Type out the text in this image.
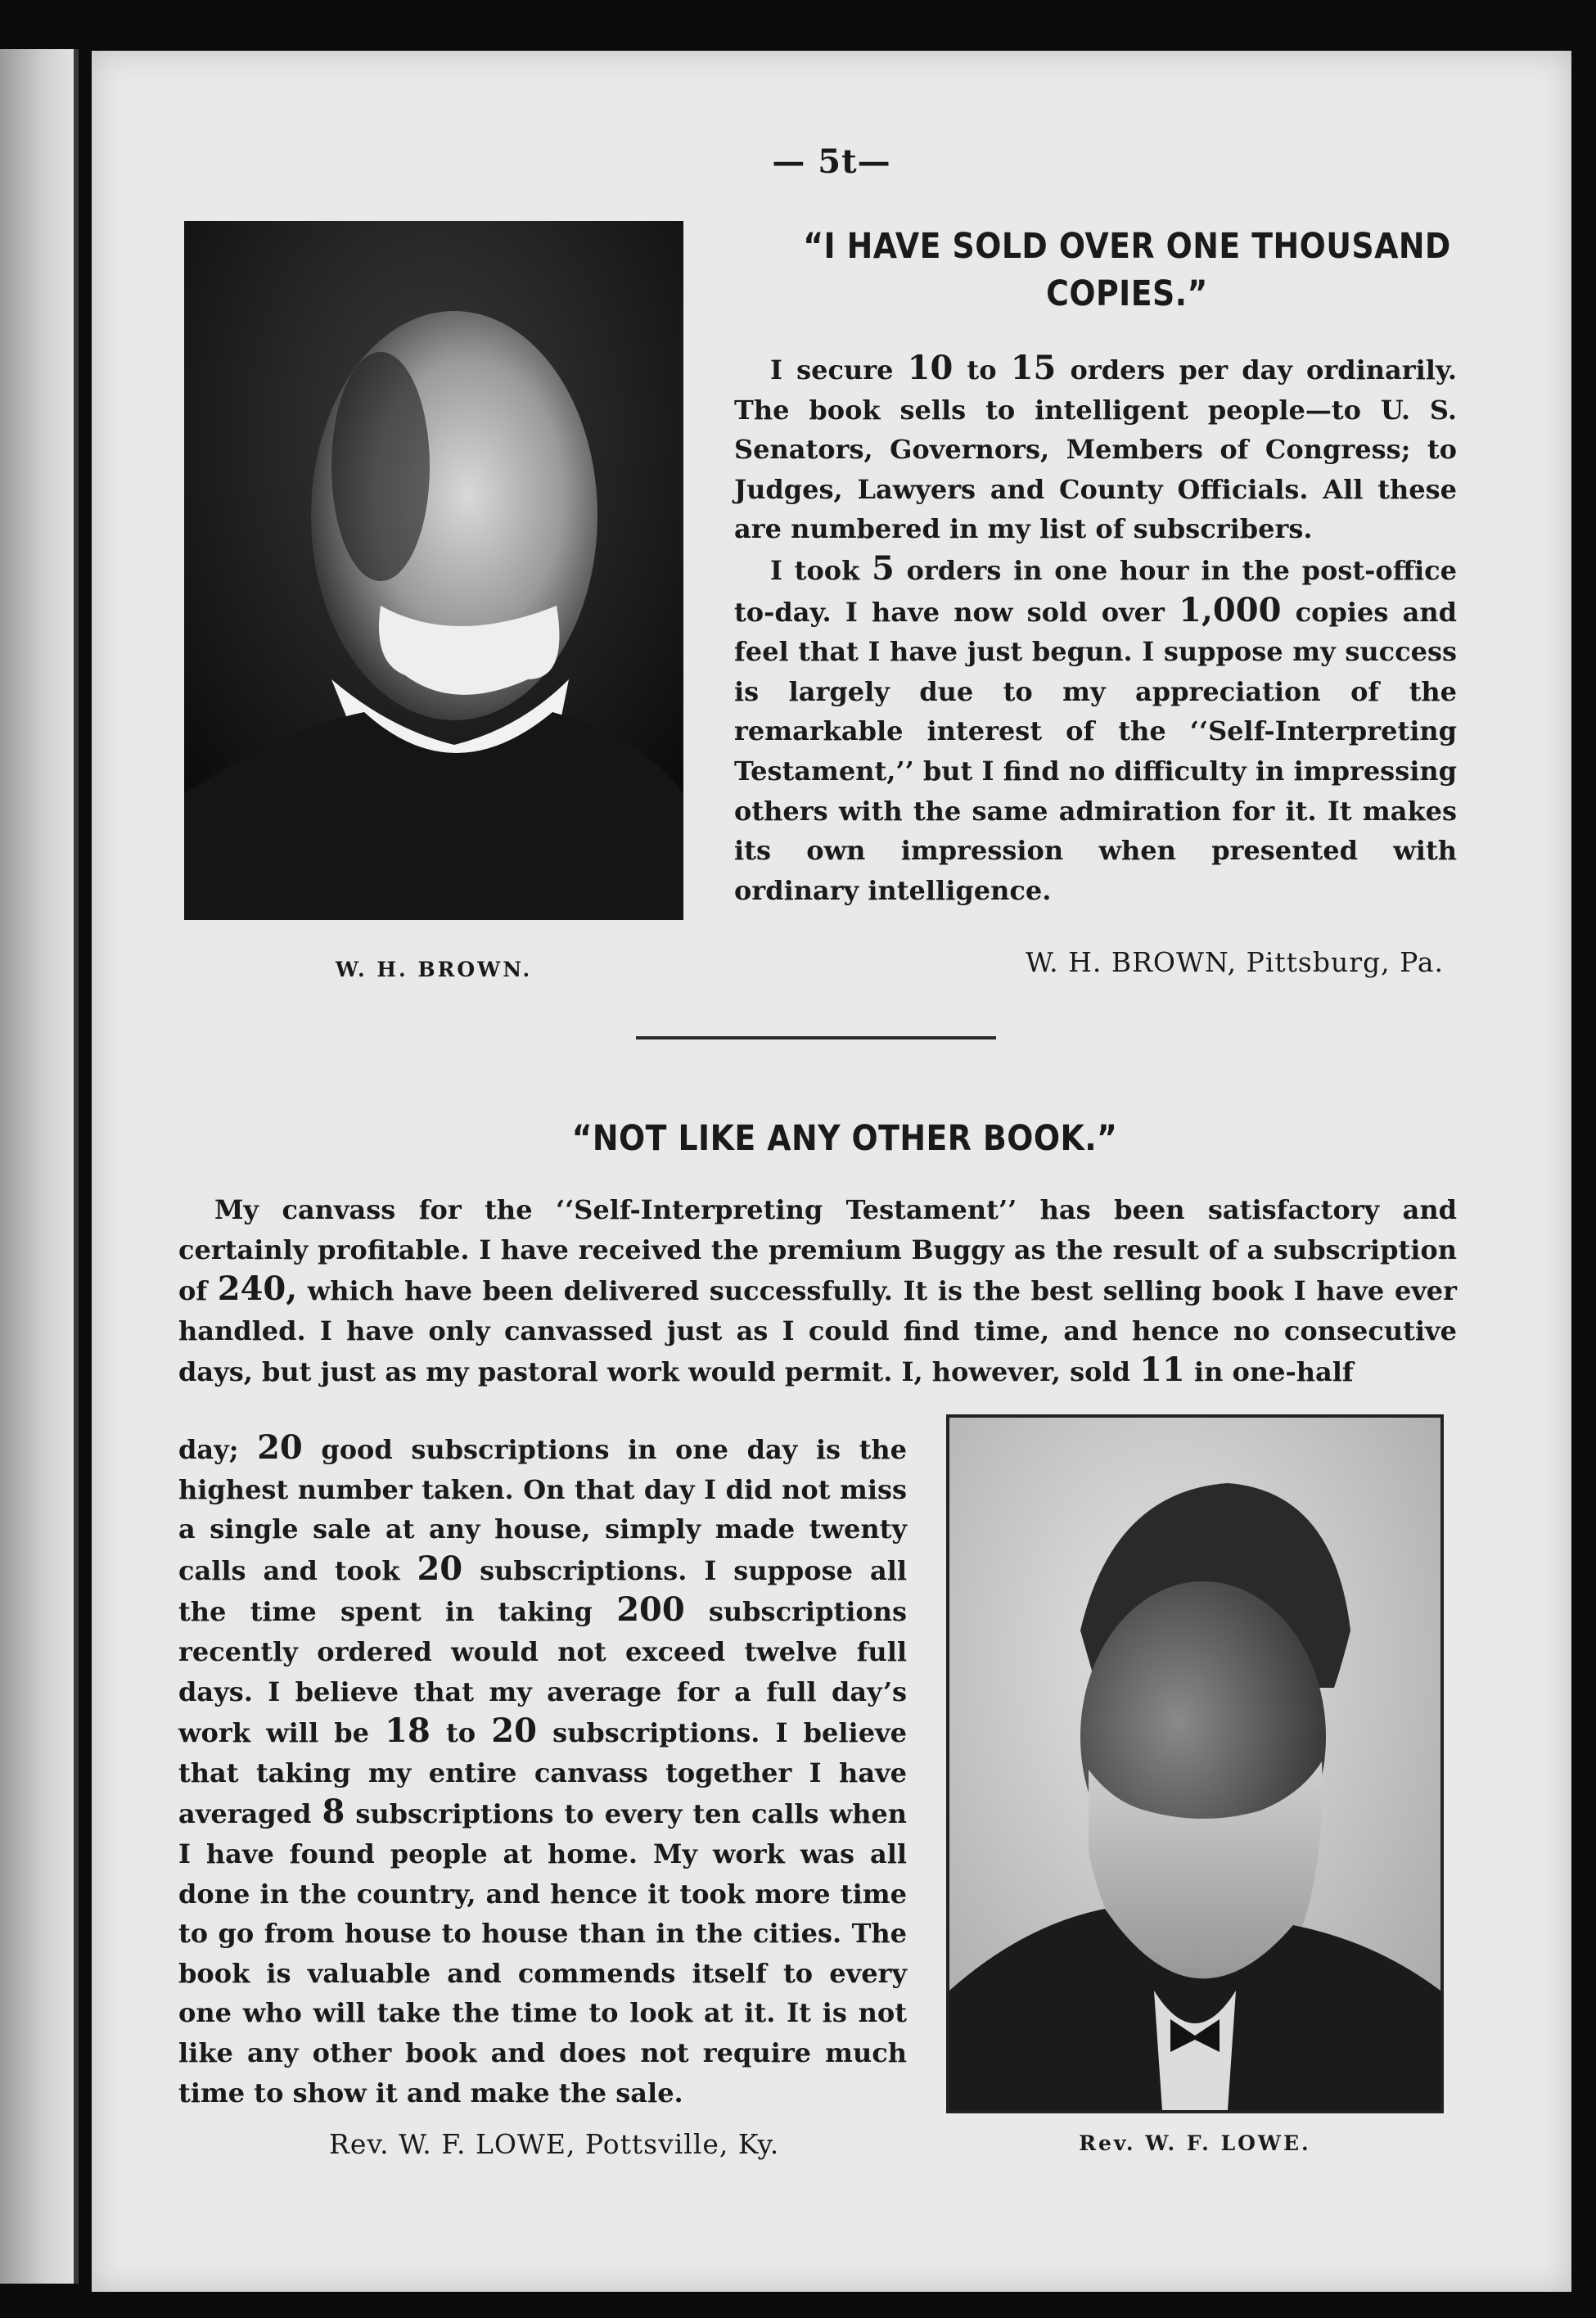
— 5t—
W. H. BROWN.
“I HAVE SOLD OVER ONE THOUSAND COPIES.”

I secure 10 to 15 orders per day ordinarily. The book sells to intelligent people—to U. S. Senators, Governors, Members of Congress; to Judges, Lawyers and County Officials. All these are numbered in my list of subscribers.

I took 5 orders in one hour in the post-office to-day. I have now sold over 1,000 copies and feel that I have just begun. I suppose my success is largely due to my appreciation of the remarkable interest of the ‘‘Self-Interpreting Testament,’’ but I find no difficulty in impressing others with the same admiration for it. It makes its own impression when presented with ordinary intelligence.

W. H. BROWN, Pittsburg, Pa.
“NOT LIKE ANY OTHER BOOK.”

My canvass for the ‘‘Self-Interpreting Testament’’ has been satisfactory and certainly profitable. I have received the premium Buggy as the result of a subscription of 240, which have been delivered successfully. It is the best selling book I have ever handled. I have only canvassed just as I could find time, and hence no consecutive days, but just as my pastoral work would permit. I, however, sold 11 in one-half

day; 20 good subscriptions in one day is the highest number taken. On that day I did not miss a single sale at any house, simply made twenty calls and took 20 subscriptions. I suppose all the time spent in taking 200 subscriptions recently ordered would not exceed twelve full days. I believe that my average for a full day’s work will be 18 to 20 subscriptions. I believe that taking my entire canvass together I have averaged 8 subscriptions to every ten calls when I have found people at home. My work was all done in the country, and hence it took more time to go from house to house than in the cities. The book is valuable and commends itself to every one who will take the time to look at it. It is not like any other book and does not require much time to show it and make the sale.

Rev. W. F. LOWE, Pottsville, Ky.	Rev. W. F. LOWE.
